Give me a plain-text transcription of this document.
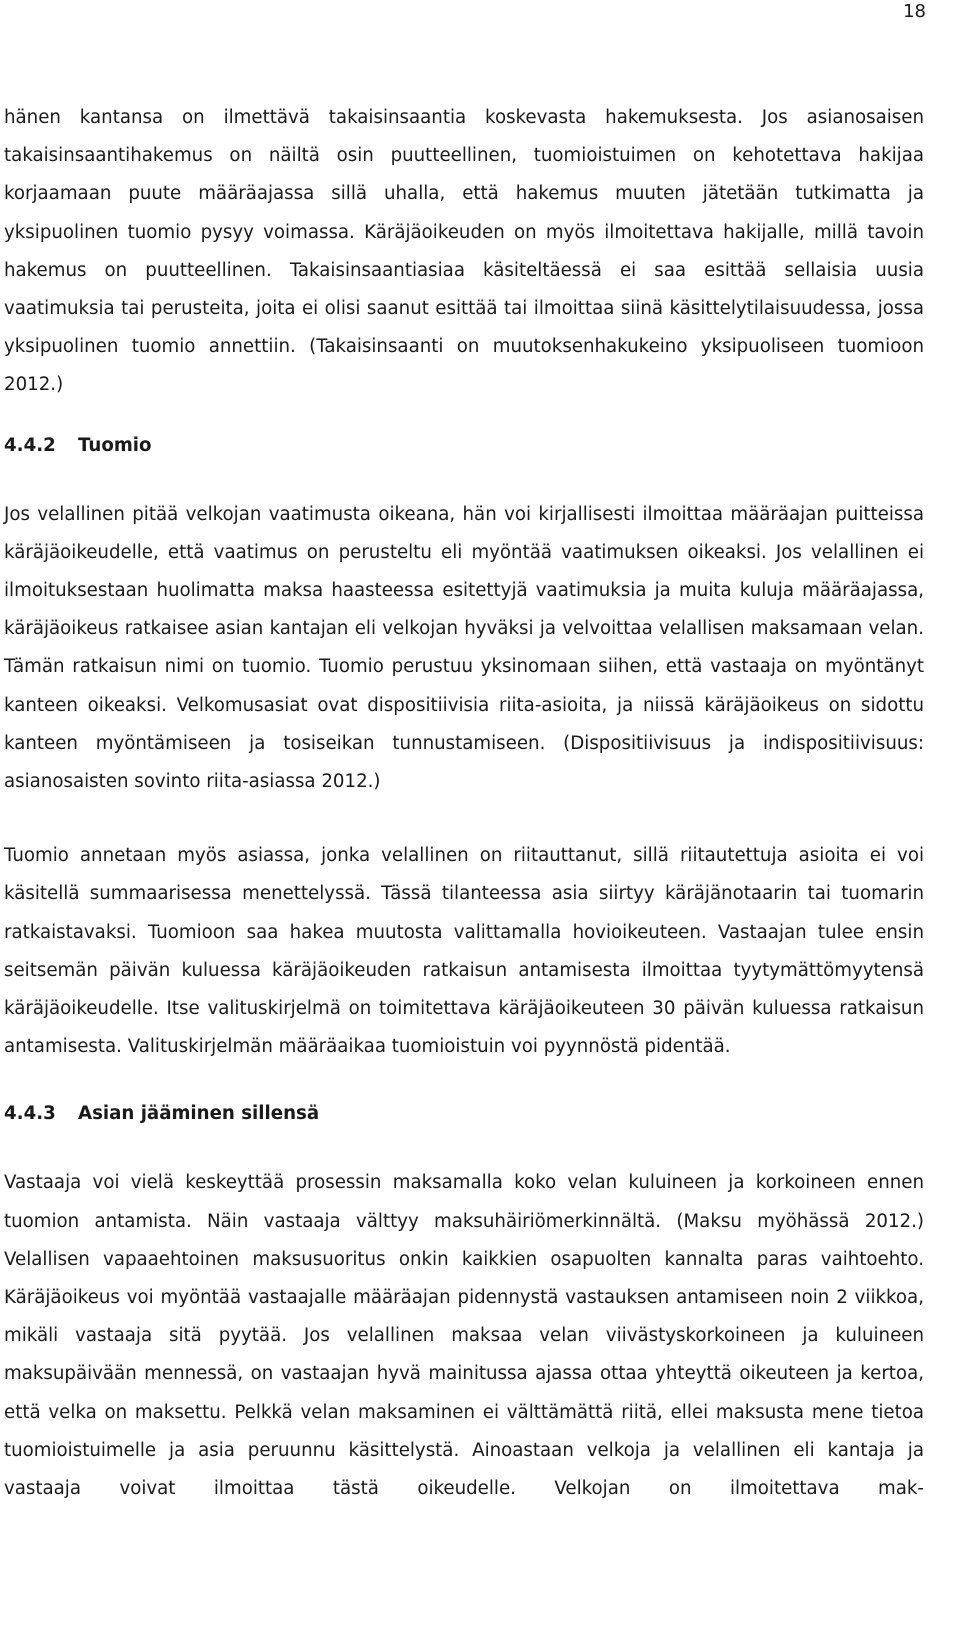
18

hänen kantansa on ilmettävä takaisinsaantia koskevasta hakemuksesta. Jos asianosaisen takaisinsaantihakemus on näiltä osin puutteellinen, tuomioistuimen on kehotettava hakijaa korjaamaan puute määräajassa sillä uhalla, että hakemus muuten jätetään tutkimatta ja yksipuolinen tuomio pysyy voimassa. Käräjäoikeuden on myös ilmoitettava hakijalle, millä tavoin hakemus on puutteellinen. Takaisinsaantiasiaa käsiteltäessä ei saa esittää sellaisia uusia vaatimuksia tai perusteita, joita ei olisi saanut esittää tai ilmoittaa siinä käsittelytilaisuudessa, jossa yksipuolinen tuomio annettiin. (Takaisinsaanti on muutoksenhakukeino yksipuoliseen tuomioon 2012.)

4.4.2	Tuomio

Jos velallinen pitää velkojan vaatimusta oikeana, hän voi kirjallisesti ilmoittaa määräajan puitteissa käräjäoikeudelle, että vaatimus on perusteltu eli myöntää vaatimuksen oikeaksi. Jos velallinen ei ilmoituksestaan huolimatta maksa haasteessa esitettyjä vaatimuksia ja muita kuluja määräajassa, käräjäoikeus ratkaisee asian kantajan eli velkojan hyväksi ja velvoittaa velallisen maksamaan velan. Tämän ratkaisun nimi on tuomio. Tuomio perustuu yksinomaan siihen, että vastaaja on myöntänyt kanteen oikeaksi. Velkomusasiat ovat dispositiivisia riita-asioita, ja niissä käräjäoikeus on sidottu kanteen myöntämiseen ja tosiseikan tunnustamiseen. (Dispositiivisuus ja indispositiivisuus: asianosaisten sovinto riita-asiassa 2012.)

Tuomio annetaan myös asiassa, jonka velallinen on riitauttanut, sillä riitautettuja asioita ei voi käsitellä summaarisessa menettelyssä. Tässä tilanteessa asia siirtyy käräjänotaarin tai tuomarin ratkaistavaksi. Tuomioon saa hakea muutosta valittamalla hovioikeuteen. Vastaajan tulee ensin seitsemän päivän kuluessa käräjäoikeuden ratkaisun antamisesta ilmoittaa tyytymättömyytensä käräjäoikeudelle. Itse valituskirjelmä on toimitettava käräjäoikeuteen 30 päivän kuluessa ratkaisun antamisesta. Valituskirjelmän määräaikaa tuomioistuin voi pyynnöstä pidentää.

4.4.3	Asian jääminen sillensä

Vastaaja voi vielä keskeyttää prosessin maksamalla koko velan kuluineen ja korkoineen ennen tuomion antamista. Näin vastaaja välttyy maksuhäiriömerkinnältä. (Maksu myöhässä 2012.) Velallisen vapaaehtoinen maksusuoritus onkin kaikkien osapuolten kannalta paras vaihtoehto. Käräjäoikeus voi myöntää vastaajalle määräajan pidennystä vastauksen antamiseen noin 2 viikkoa, mikäli vastaaja sitä pyytää. Jos velallinen maksaa velan viivästyskorkoineen ja kuluineen maksupäivään mennessä, on vastaajan hyvä mainitussa ajassa ottaa yhteyttä oikeuteen ja kertoa, että velka on maksettu. Pelkkä velan maksaminen ei välttämättä riitä, ellei maksusta mene tietoa tuomioistuimelle ja asia peruunnu käsittelystä. Ainoastaan velkoja ja velallinen eli kantaja ja vastaaja voivat ilmoittaa tästä oikeudelle. Velkojan on ilmoitettava mak-
